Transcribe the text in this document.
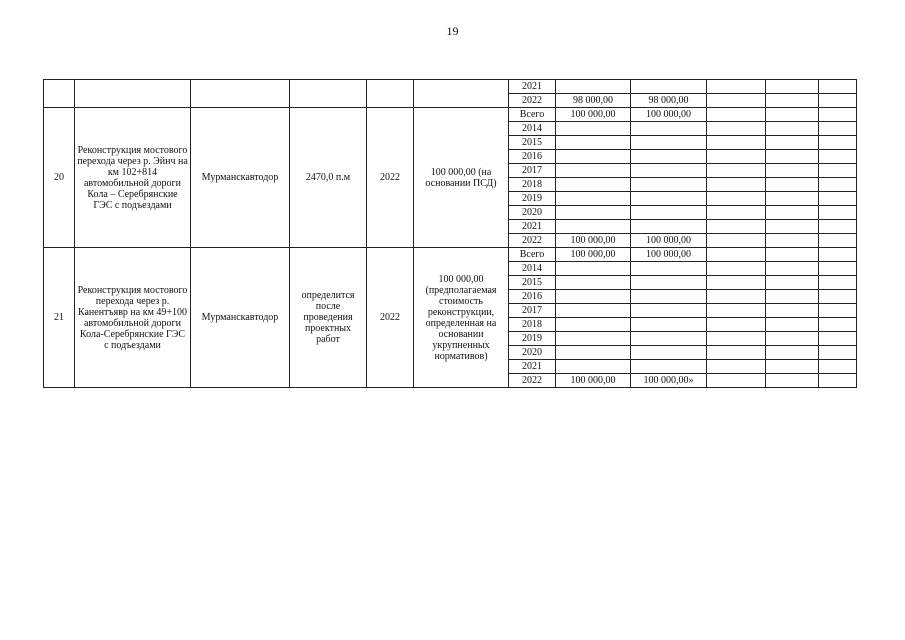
19
						2021					
						2022	98 000,00	98 000,00			
20	Реконструкция мостового перехода через р. Эйнч на км 102+814 автомобильной дороги Кола – Серебрянские ГЭС с подъездами	Мурманскавтодор	2470,0 п.м	2022	100 000,00 (на основании ПСД)	Всего	100 000,00	100 000,00			
						2014					
						2015					
						2016					
						2017					
						2018					
						2019					
						2020					
						2021					
						2022	100 000,00	100 000,00			
21	Реконструкция мостового перехода через р. Канентъявр на км 49+100 автомобильной дороги Кола-Серебрянские ГЭС с подъездами	Мурманскавтодор	определится после проведения проектных работ	2022	100 000,00 (предполагаемая стоимость реконструкции, определенная на основании укрупненных нормативов)	Всего	100 000,00	100 000,00			
						2014					
						2015					
						2016					
						2017					
						2018					
						2019					
						2020					
						2021					
						2022	100 000,00	100 000,00»			
